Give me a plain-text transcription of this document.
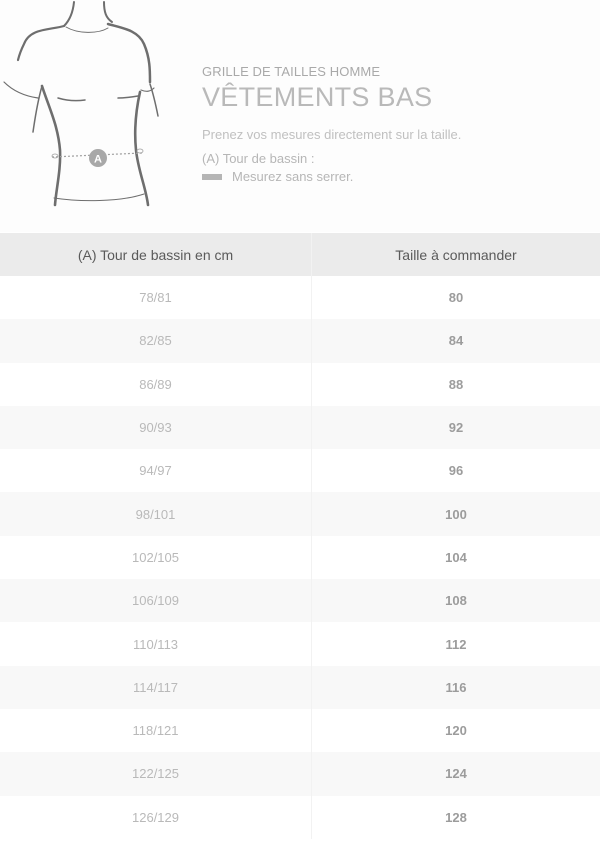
A
GRILLE DE TAILLES HOMME
VÊTEMENTS BAS
Prenez vos mesures directement sur la taille.
(A) Tour de bassin :
Mesurez sans serrer.
(A) Tour de bassin en cm	Taille à commander
78/81	80
82/85	84
86/89	88
90/93	92
94/97	96
98/101	100
102/105	104
106/109	108
110/113	112
114/117	116
118/121	120
122/125	124
126/129	128
